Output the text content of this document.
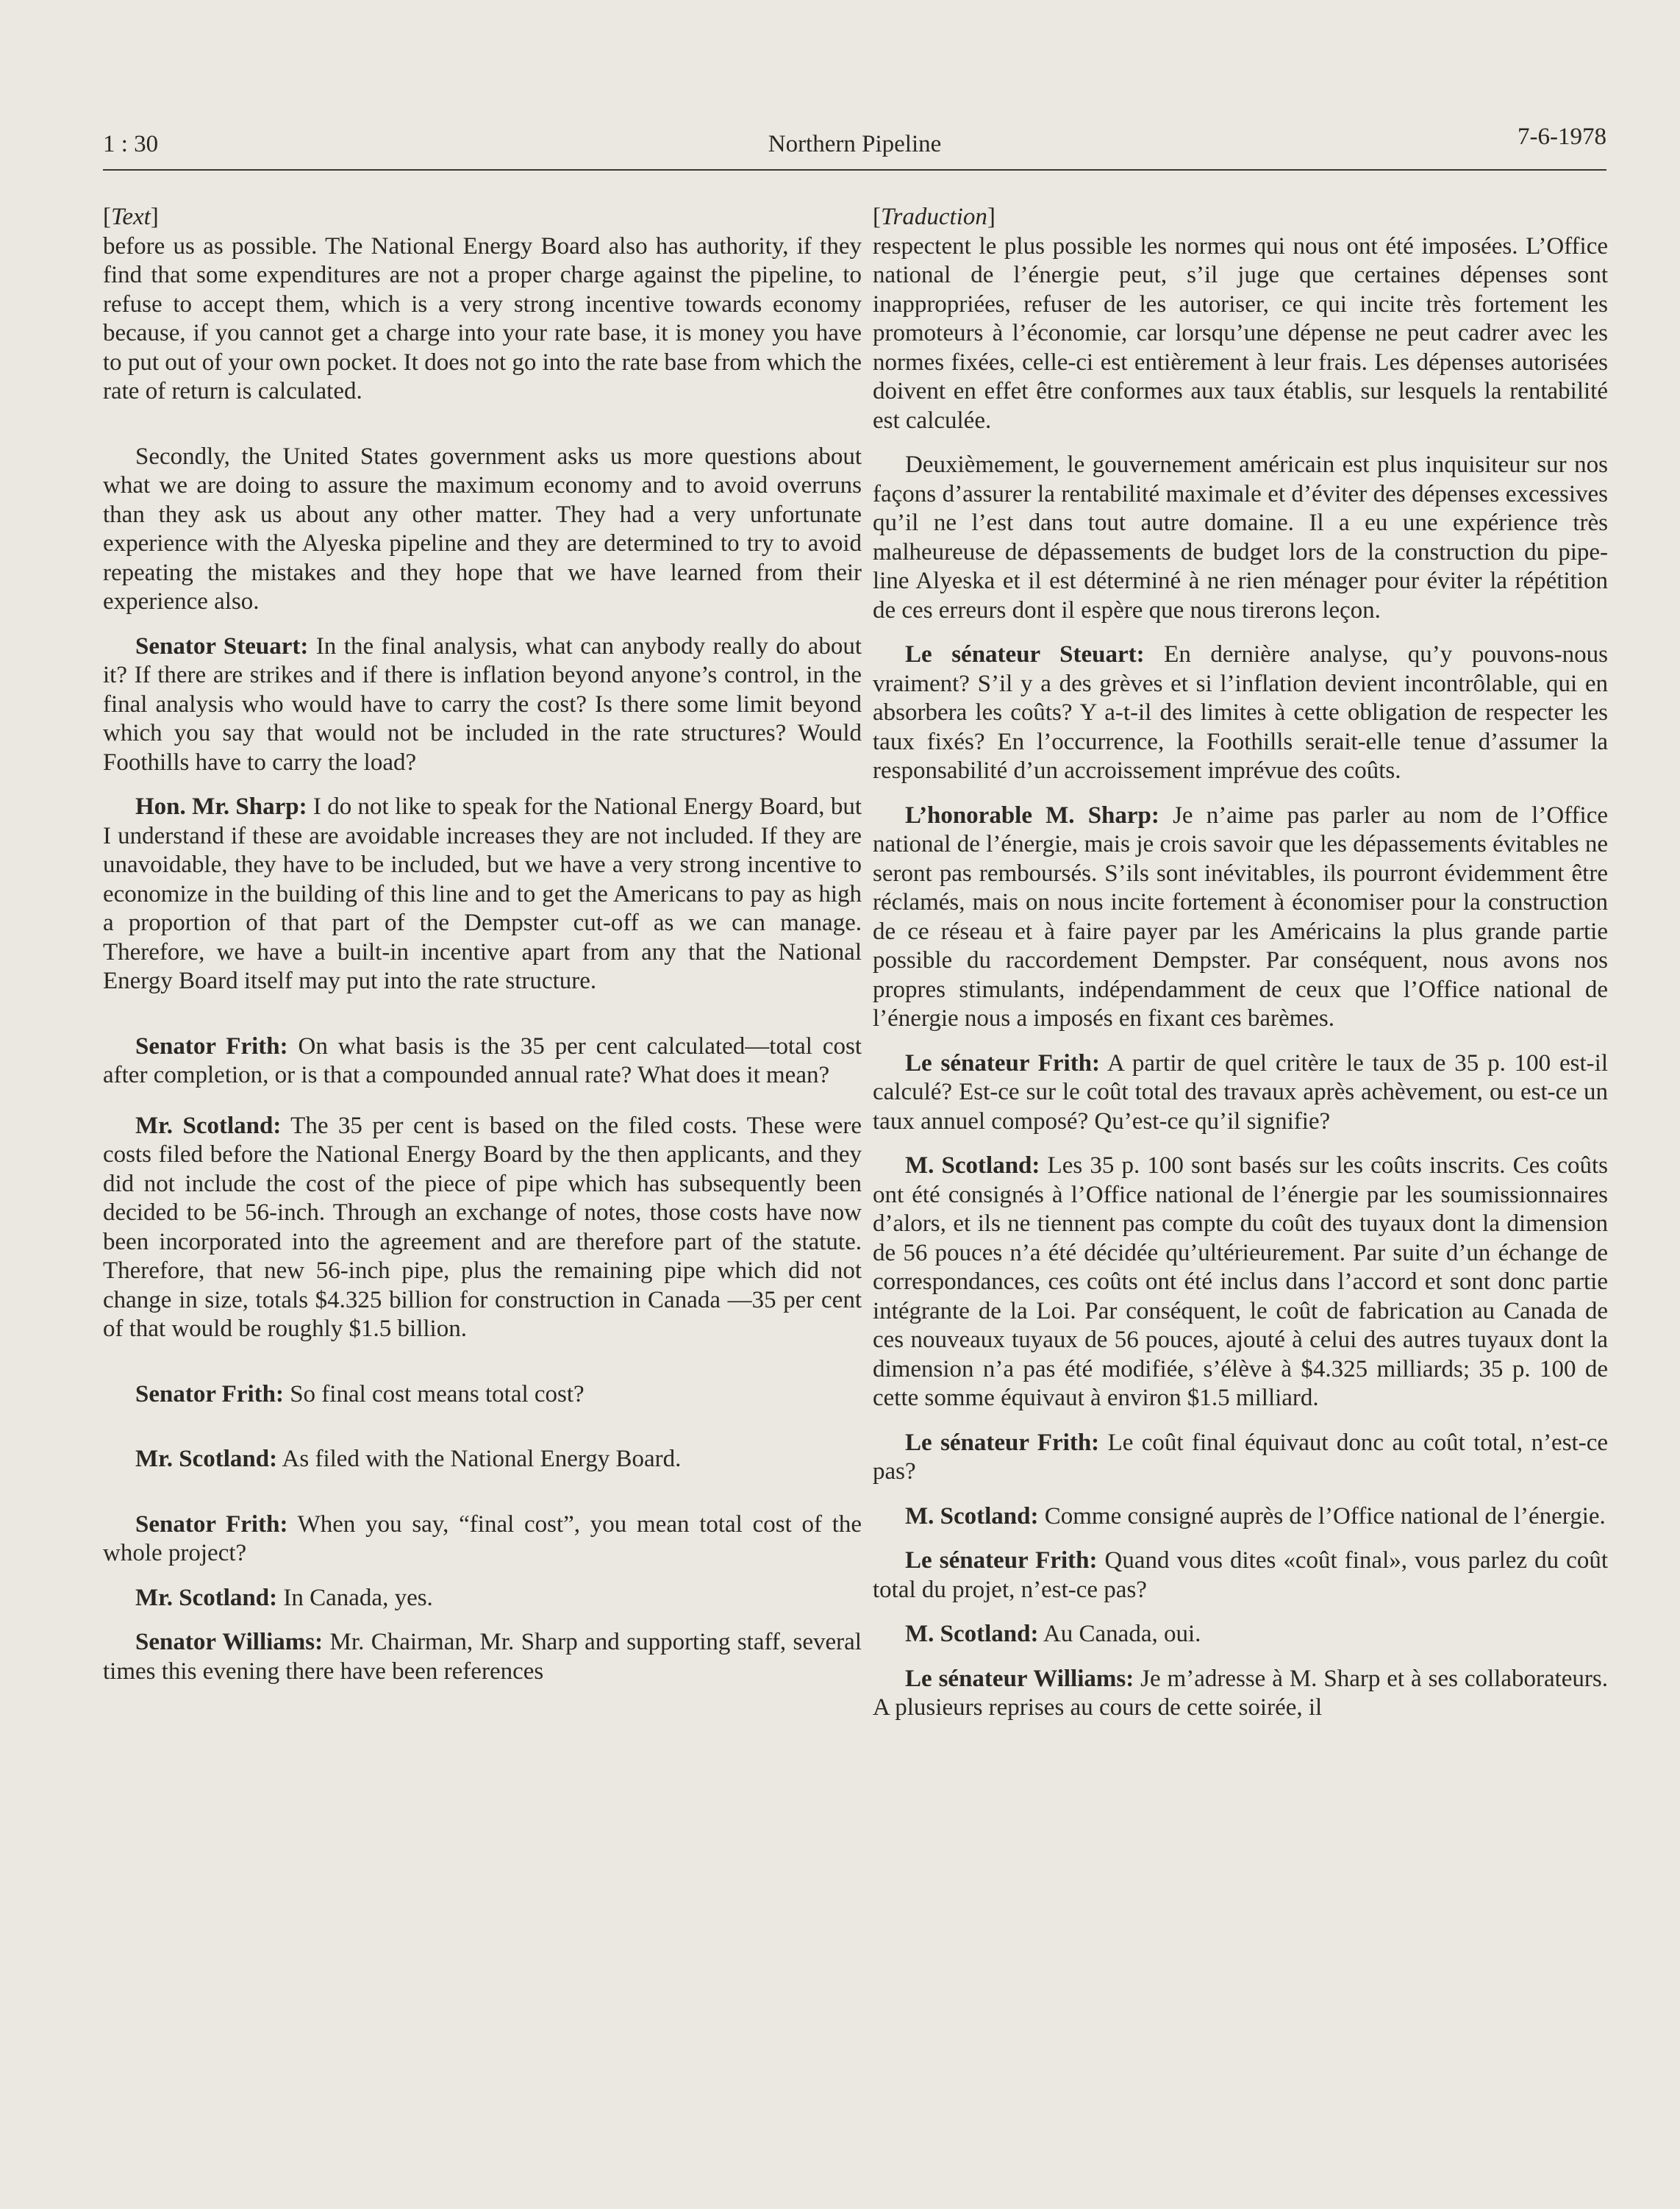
1 : 30	Northern Pipeline	7-6-1978

[Text]

before us as possible. The National Energy Board also has authority, if they find that some expenditures are not a proper charge against the pipeline, to refuse to accept them, which is a very strong incentive towards economy because, if you cannot get a charge into your rate base, it is money you have to put out of your own pocket. It does not go into the rate base from which the rate of return is calculated.

Secondly, the United States government asks us more questions about what we are doing to assure the maximum economy and to avoid overruns than they ask us about any other matter. They had a very unfortunate experience with the Alyeska pipeline and they are determined to try to avoid repeating the mistakes and they hope that we have learned from their experience also.

Senator Steuart: In the final analysis, what can anybody really do about it? If there are strikes and if there is inflation beyond anyone’s control, in the final analysis who would have to carry the cost? Is there some limit beyond which you say that would not be included in the rate structures? Would Foothills have to carry the load?

Hon. Mr. Sharp: I do not like to speak for the National Energy Board, but I understand if these are avoidable increases they are not included. If they are unavoidable, they have to be included, but we have a very strong incentive to economize in the building of this line and to get the Americans to pay as high a proportion of that part of the Dempster cut-off as we can manage. Therefore, we have a built-in incentive apart from any that the National Energy Board itself may put into the rate structure.

Senator Frith: On what basis is the 35 per cent calculated—total cost after completion, or is that a compounded annual rate? What does it mean?

Mr. Scotland: The 35 per cent is based on the filed costs. These were costs filed before the National Energy Board by the then applicants, and they did not include the cost of the piece of pipe which has subsequently been decided to be 56-inch. Through an exchange of notes, those costs have now been incorporated into the agreement and are therefore part of the statute. Therefore, that new 56-inch pipe, plus the remaining pipe which did not change in size, totals $4.325 billion for construction in Canada —35 per cent of that would be roughly $1.5 billion.

Senator Frith: So final cost means total cost?

Mr. Scotland: As filed with the National Energy Board.

Senator Frith: When you say, “final cost”, you mean total cost of the whole project?

Mr. Scotland: In Canada, yes.

Senator Williams: Mr. Chairman, Mr. Sharp and supporting staff, several times this evening there have been references

[Traduction]

respectent le plus possible les normes qui nous ont été imposées. L’Office national de l’énergie peut, s’il juge que certaines dépenses sont inappropriées, refuser de les autoriser, ce qui incite très fortement les promoteurs à l’économie, car lorsqu’une dépense ne peut cadrer avec les normes fixées, celle-ci est entièrement à leur frais. Les dépenses autorisées doivent en effet être conformes aux taux établis, sur lesquels la rentabilité est calculée.

Deuxièmement, le gouvernement américain est plus inquisiteur sur nos façons d’assurer la rentabilité maximale et d’éviter des dépenses excessives qu’il ne l’est dans tout autre domaine. Il a eu une expérience très malheureuse de dépassements de budget lors de la construction du pipe-line Alyeska et il est déterminé à ne rien ménager pour éviter la répétition de ces erreurs dont il espère que nous tirerons leçon.

Le sénateur Steuart: En dernière analyse, qu’y pouvons-nous vraiment? S’il y a des grèves et si l’inflation devient incontrôlable, qui en absorbera les coûts? Y a-t-il des limites à cette obligation de respecter les taux fixés? En l’occurrence, la Foothills serait-elle tenue d’assumer la responsabilité d’un accroissement imprévue des coûts.

L’honorable M. Sharp: Je n’aime pas parler au nom de l’Office national de l’énergie, mais je crois savoir que les dépassements évitables ne seront pas remboursés. S’ils sont inévitables, ils pourront évidemment être réclamés, mais on nous incite fortement à économiser pour la construction de ce réseau et à faire payer par les Américains la plus grande partie possible du raccordement Dempster. Par conséquent, nous avons nos propres stimulants, indépendamment de ceux que l’Office national de l’énergie nous a imposés en fixant ces barèmes.

Le sénateur Frith: A partir de quel critère le taux de 35 p. 100 est-il calculé? Est-ce sur le coût total des travaux après achèvement, ou est-ce un taux annuel composé? Qu’est-ce qu’il signifie?

M. Scotland: Les 35 p. 100 sont basés sur les coûts inscrits. Ces coûts ont été consignés à l’Office national de l’énergie par les soumissionnaires d’alors, et ils ne tiennent pas compte du coût des tuyaux dont la dimension de 56 pouces n’a été décidée qu’ultérieurement. Par suite d’un échange de correspondances, ces coûts ont été inclus dans l’accord et sont donc partie intégrante de la Loi. Par conséquent, le coût de fabrication au Canada de ces nouveaux tuyaux de 56 pouces, ajouté à celui des autres tuyaux dont la dimension n’a pas été modifiée, s’élève à $4.325 milliards; 35 p. 100 de cette somme équivaut à environ $1.5 milliard.

Le sénateur Frith: Le coût final équivaut donc au coût total, n’est-ce pas?

M. Scotland: Comme consigné auprès de l’Office national de l’énergie.

Le sénateur Frith: Quand vous dites «coût final», vous parlez du coût total du projet, n’est-ce pas?

M. Scotland: Au Canada, oui.

Le sénateur Williams: Je m’adresse à M. Sharp et à ses collaborateurs. A plusieurs reprises au cours de cette soirée, il
